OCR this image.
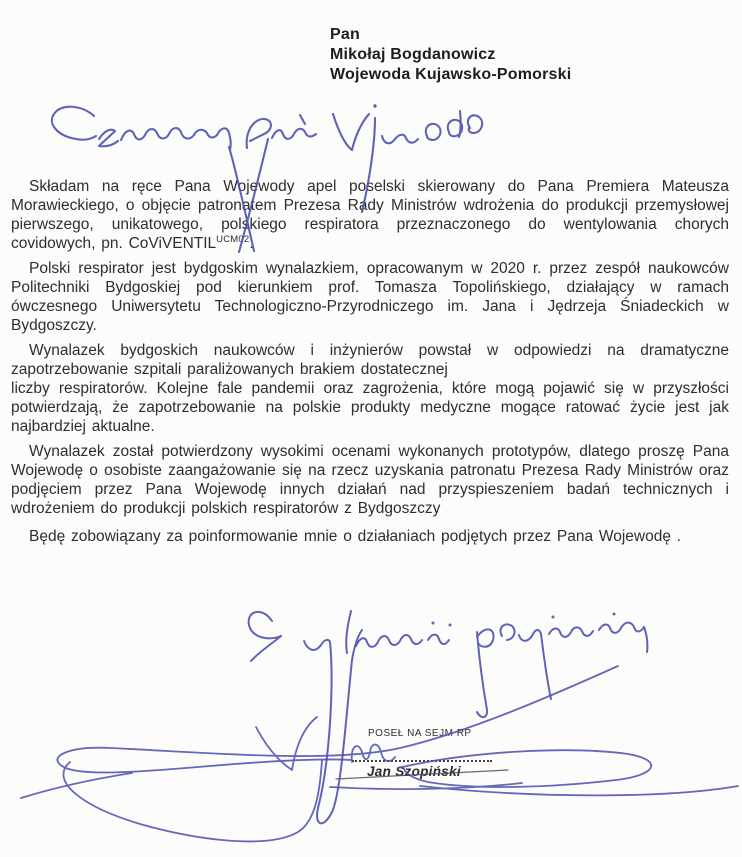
Pan
Mikołaj Bogdanowicz
Wojewoda Kujawsko-Pomorski

Składam na ręce Pana Wojewody apel poselski skierowany do Pana Premiera Mateusza Morawieckiego, o objęcie patronatem Prezesa Rady Ministrów wdrożenia do produkcji przemysłowej pierwszego, unikatowego, polskiego respiratora przeznaczonego do wentylowania chorych covidowych, pn. CoViVENTIL$^{UCM02}$.

Polski respirator jest bydgoskim wynalazkiem, opracowanym w 2020 r. przez zespół naukowców Politechniki Bydgoskiej pod kierunkiem prof. Tomasza Topolińskiego, działający w ramach ówczesnego Uniwersytetu Technologiczno-Przyrodniczego im. Jana i Jędrzeja Śniadeckich w Bydgoszczy.

Wynalazek bydgoskich naukowców i inżynierów powstał w odpowiedzi na dramatyczne zapotrzebowanie szpitali paraliżowanych brakiem dostatecznej
liczby respiratorów. Kolejne fale pandemii oraz zagrożenia, które mogą pojawić się w przyszłości potwierdzają, że zapotrzebowanie na polskie produkty medyczne mogące ratować życie jest jak najbardziej aktualne.

Wynalazek został potwierdzony wysokimi ocenami wykonanych prototypów, dlatego proszę Pana Wojewodę o osobiste zaangażowanie się na rzecz uzyskania patronatu Prezesa Rady Ministrów oraz podjęciem przez Pana Wojewodę innych działań nad przyspieszeniem badań technicznych i wdrożeniem do produkcji polskich respiratorów z Bydgoszczy

Będę zobowiązany za poinformowanie mnie o działaniach podjętych przez Pana Wojewodę .

POSEŁ NA SEJM RP
Jan Szopiński
